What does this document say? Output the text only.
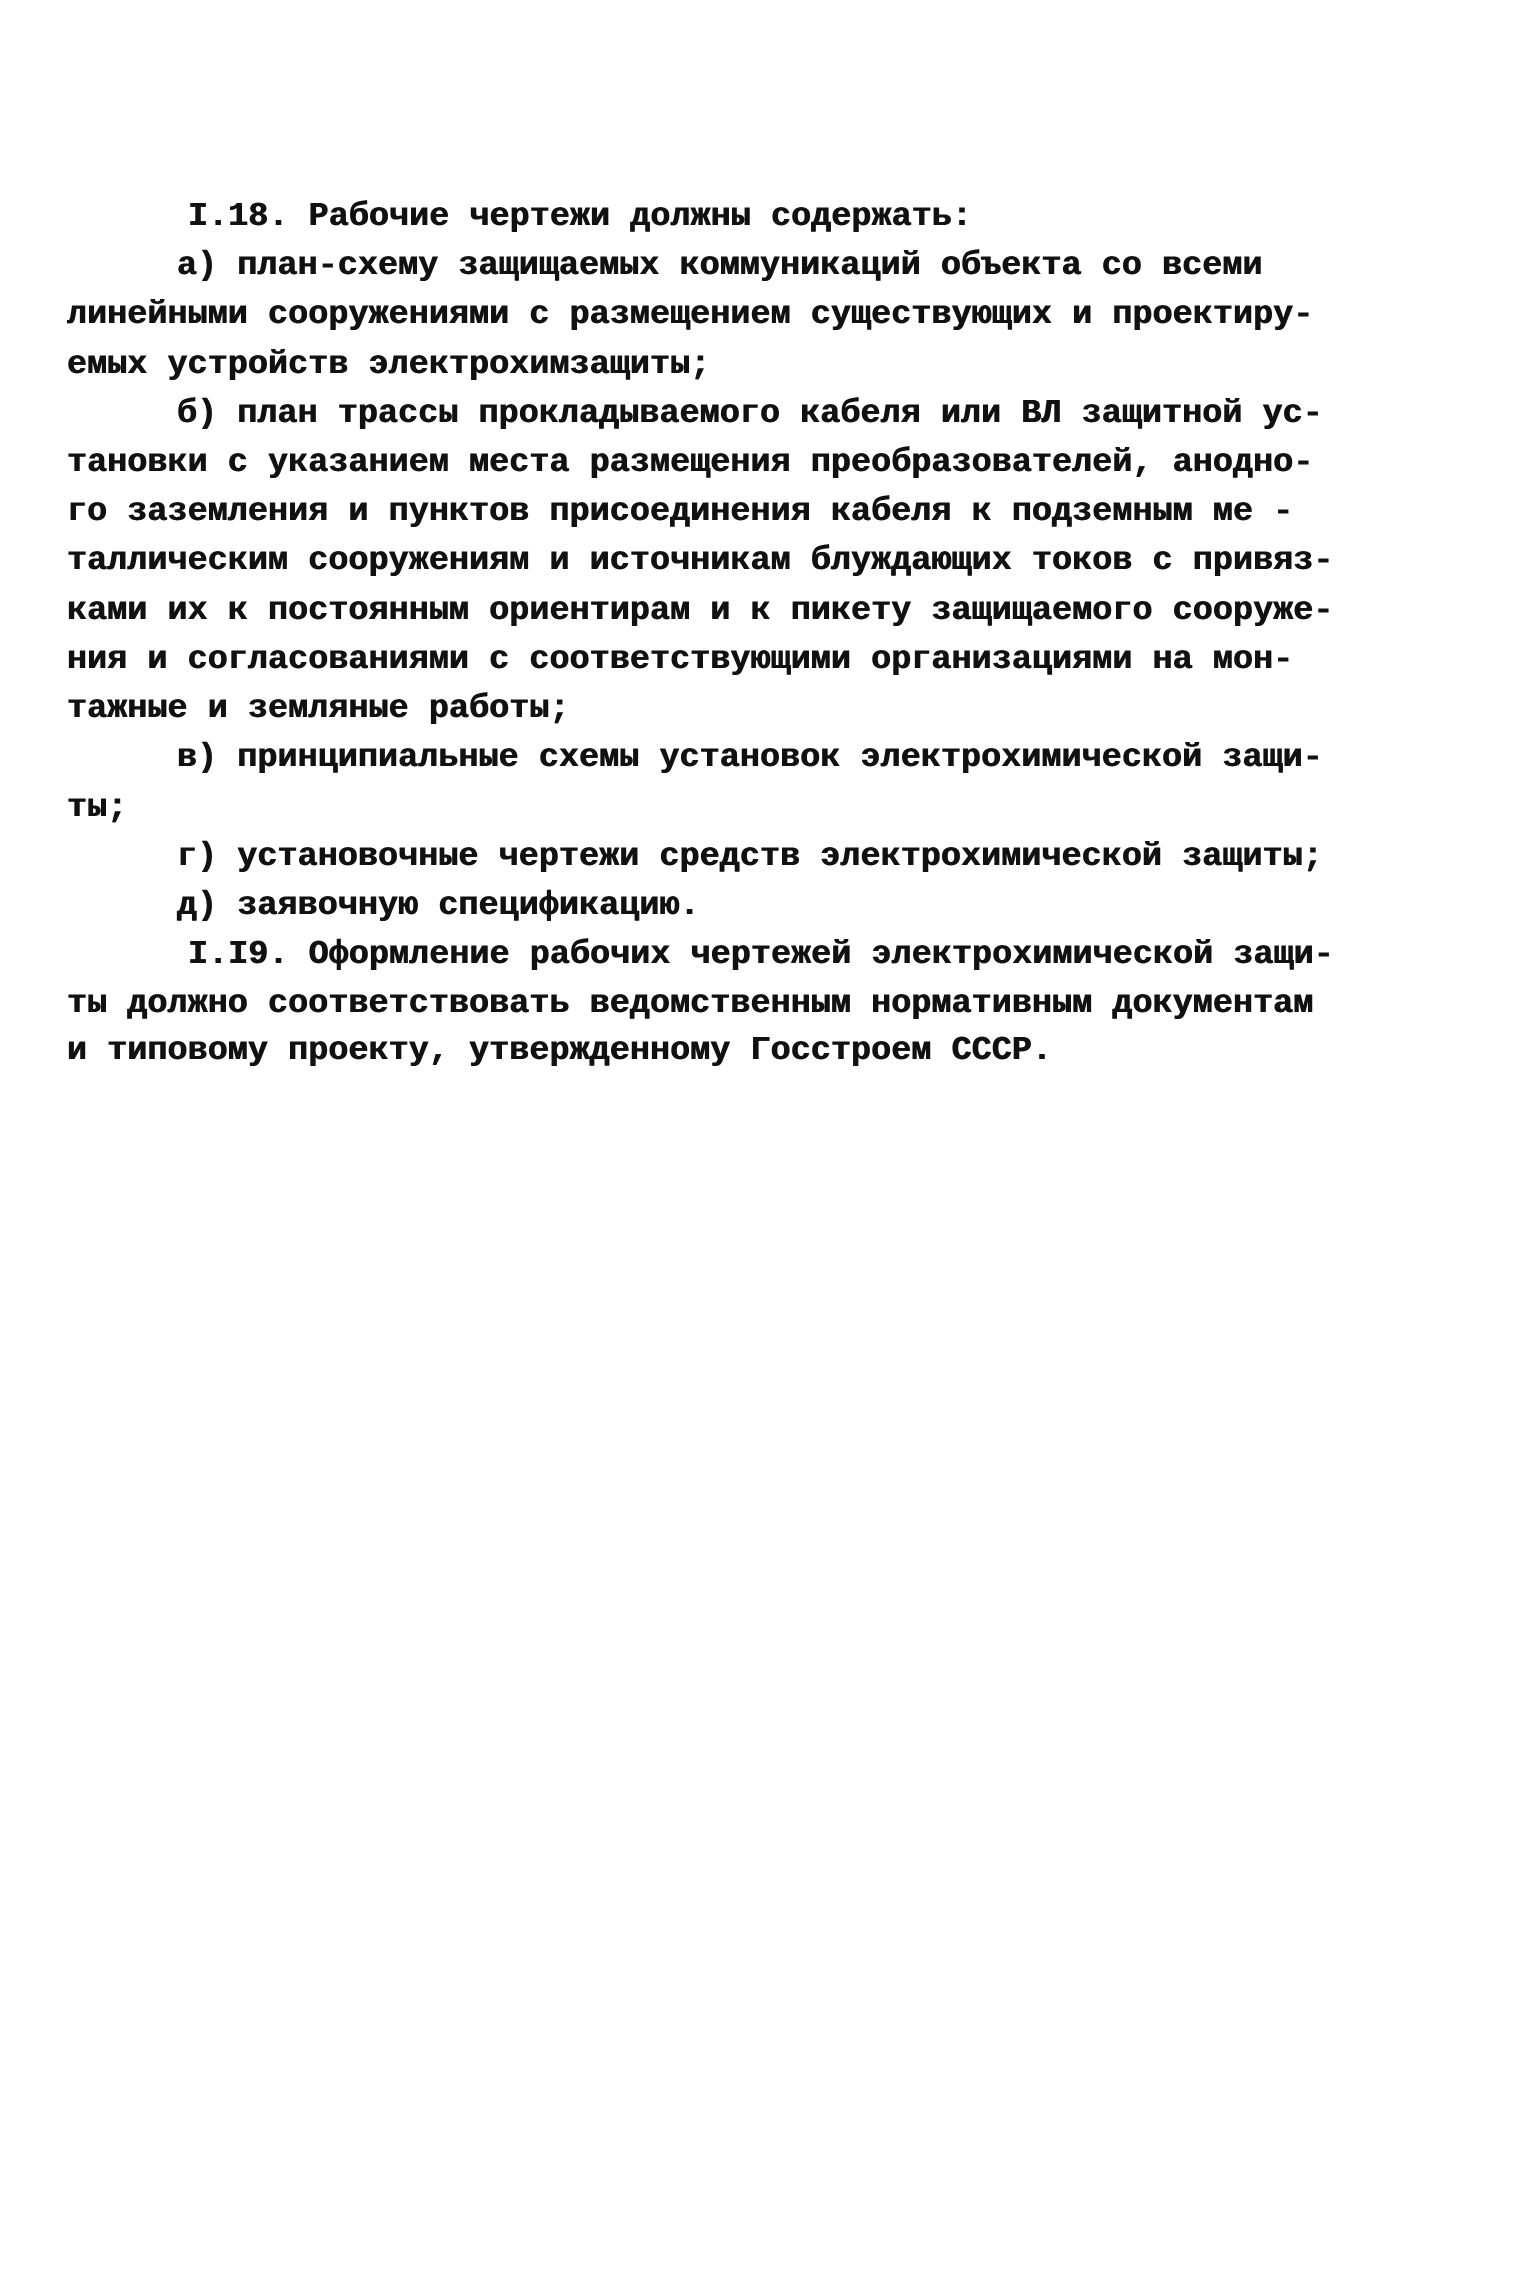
I.18. Рабочие чертежи должны содержать:
а) план-схему защищаемых коммуникаций объекта со всеми
линейными сооружениями с размещением существующих и проектиру-
емых устройств электрохимзащиты;
б) план трассы прокладываемого кабеля или ВЛ защитной ус-
тановки с указанием места размещения преобразователей, анодно-
го заземления и пунктов присоединения кабеля к подземным ме -
таллическим сооружениям и источникам блуждающих токов с привяз-
ками их к постоянным ориентирам и к пикету защищаемого сооруже-
ния и согласованиями с соответствующими организациями на мон-
тажные и земляные работы;
в) принципиальные схемы установок электрохимической защи-
ты;
г) установочные чертежи средств электрохимической защиты;
д) заявочную спецификацию.
I.I9. Оформление рабочих чертежей электрохимической защи-
ты должно соответствовать ведомственным нормативным документам
и типовому проекту, утвержденному Госстроем СССР.
